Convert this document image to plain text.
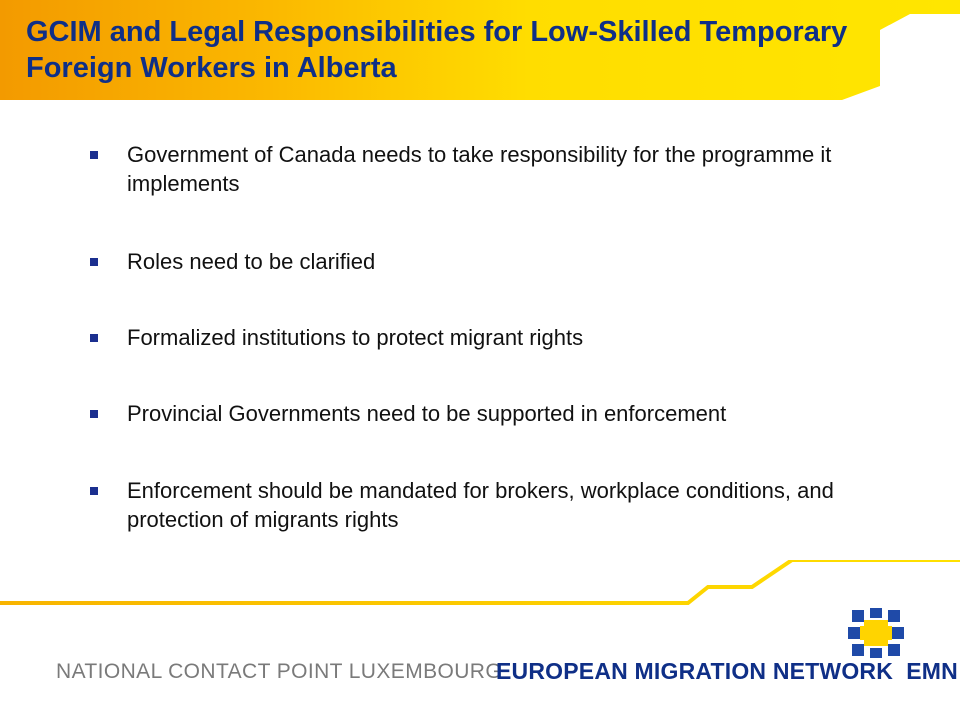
GCIM and Legal Responsibilities for Low-Skilled Temporary Foreign Workers in Alberta
Government of Canada needs to take responsibility for the programme it implements
Roles need to be clarified
Formalized institutions to protect migrant rights
Provincial Governments need to be supported in enforcement
Enforcement should be mandated for brokers, workplace conditions, and protection of migrants rights
NATIONAL CONTACT POINT LUXEMBOURG
EUROPEAN MIGRATION NETWORK EMN
